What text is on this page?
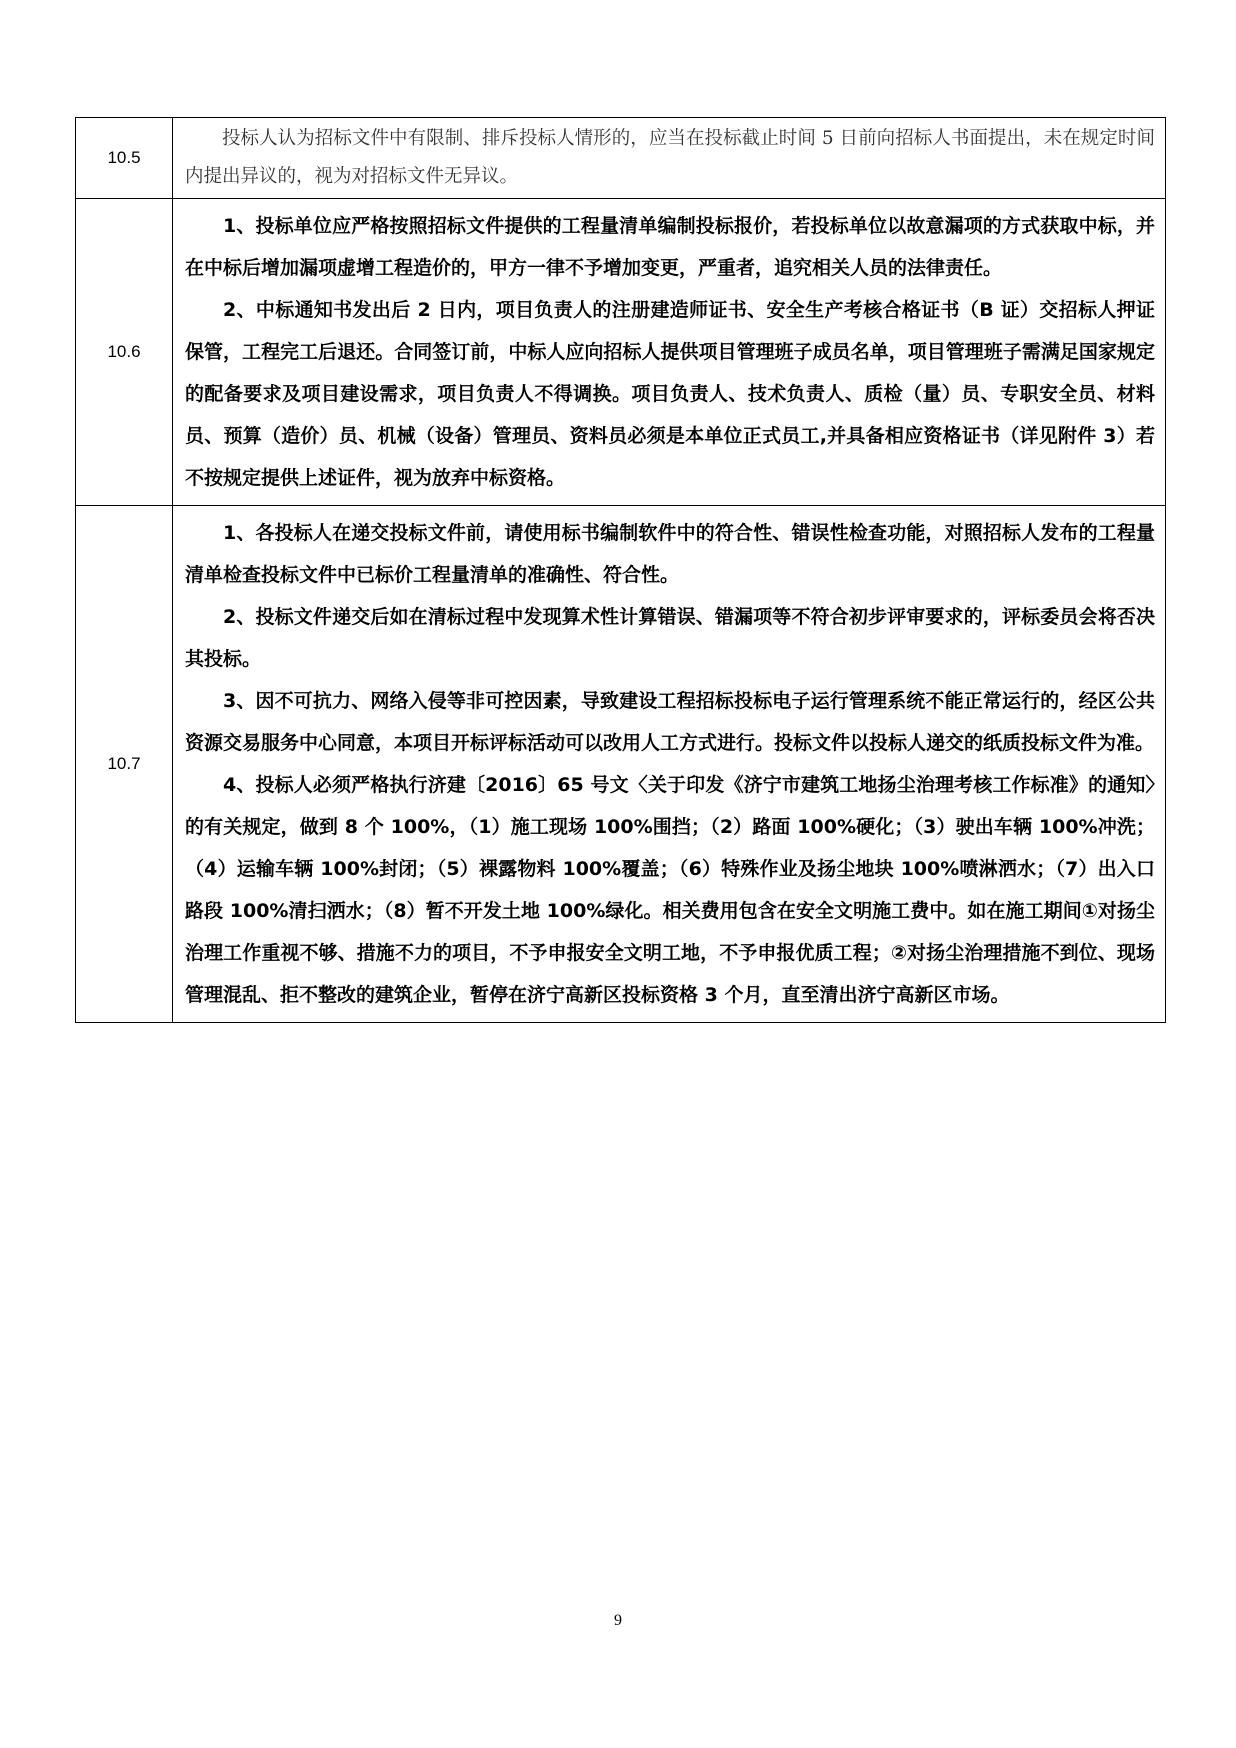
10.5	投标人认为招标文件中有限制、排斥投标人情形的，应当在投标截止时间 5 日前向招标人书面提出，未在规定时间内提出异议的，视为对招标文件无异议。

10.6	1、投标单位应严格按照招标文件提供的工程量清单编制投标报价，若投标单位以故意漏项的方式获取中标，并在中标后增加漏项虚增工程造价的，甲方一律不予增加变更，严重者，追究相关人员的法律责任。

2、中标通知书发出后 2 日内，项目负责人的注册建造师证书、安全生产考核合格证书（B 证）交招标人押证保管，工程完工后退还。合同签订前，中标人应向招标人提供项目管理班子成员名单，项目管理班子需满足国家规定的配备要求及项目建设需求，项目负责人不得调换。项目负责人、技术负责人、质检（量）员、专职安全员、材料员、预算（造价）员、机械（设备）管理员、资料员必须是本单位正式员工,并具备相应资格证书（详见附件 3）若不按规定提供上述证件，视为放弃中标资格。

10.7	1、各投标人在递交投标文件前，请使用标书编制软件中的符合性、错误性检查功能，对照招标人发布的工程量清单检查投标文件中已标价工程量清单的准确性、符合性。

2、投标文件递交后如在清标过程中发现算术性计算错误、错漏项等不符合初步评审要求的，评标委员会将否决其投标。

3、因不可抗力、网络入侵等非可控因素，导致建设工程招标投标电子运行管理系统不能正常运行的，经区公共资源交易服务中心同意，本项目开标评标活动可以改用人工方式进行。投标文件以投标人递交的纸质投标文件为准。

4、投标人必须严格执行济建〔2016〕65 号文〈关于印发《济宁市建筑工地扬尘治理考核工作标准》的通知〉的有关规定，做到 8 个 100%，（1）施工现场 100%围挡；（2）路面 100%硬化；（3）驶出车辆 100%冲洗；（4）运输车辆 100%封闭；（5）裸露物料 100%覆盖；（6）特殊作业及扬尘地块 100%喷淋洒水；（7）出入口路段 100%清扫洒水；（8）暂不开发土地 100%绿化。相关费用包含在安全文明施工费中。如在施工期间①对扬尘治理工作重视不够、措施不力的项目，不予申报安全文明工地，不予申报优质工程；②对扬尘治理措施不到位、现场管理混乱、拒不整改的建筑企业，暂停在济宁高新区投标资格 3 个月，直至清出济宁高新区市场。

9
